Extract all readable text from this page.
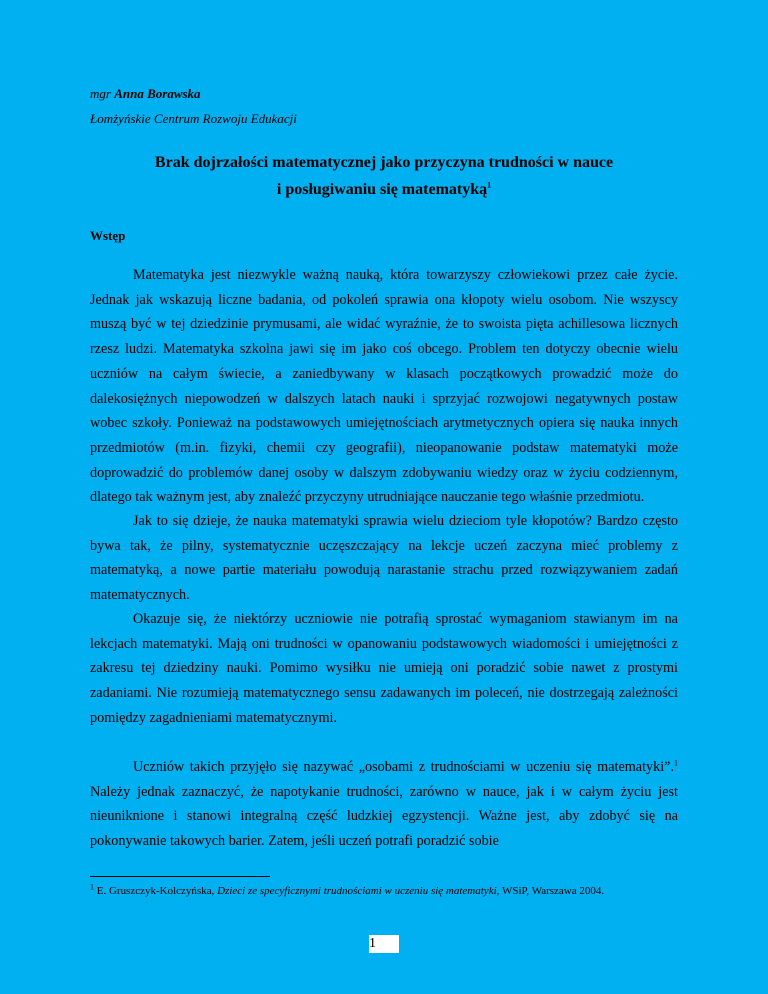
mgr Anna Borawska
Łomżyńskie Centrum Rozwoju Edukacji
Brak dojrzałości matematycznej jako przyczyna trudności w nauce
i posługiwaniu się matematyką$^1$
Wstęp

Matematyka jest niezwykle ważną nauką, która towarzyszy człowiekowi przez całe życie. Jednak jak wskazują liczne badania, od pokoleń sprawia ona kłopoty wielu osobom. Nie wszyscy muszą być w tej dziedzinie prymusami, ale widać wyraźnie, że to swoista pięta achillesowa licznych rzesz ludzi. Matematyka szkolna jawi się im jako coś obcego. Problem ten dotyczy obecnie wielu uczniów na całym świecie, a zaniedbywany w klasach początkowych prowadzić może do dalekosiężnych niepowodzeń w dalszych latach nauki i sprzyjać rozwojowi negatywnych postaw wobec szkoły. Ponieważ na podstawowych umiejętnościach arytmetycznych opiera się nauka innych przedmiotów (m.in. fizyki, chemii czy geografii), nieopanowanie podstaw matematyki może doprowadzić do problemów danej osoby w dalszym zdobywaniu wiedzy oraz w życiu codziennym, dlatego tak ważnym jest, aby znaleźć przyczyny utrudniające nauczanie tego właśnie przedmiotu.

Jak to się dzieje, że nauka matematyki sprawia wielu dzieciom tyle kłopotów? Bardzo często bywa tak, że pilny, systematycznie uczęszczający na lekcje uczeń zaczyna mieć problemy z matematyką, a nowe partie materiału powodują narastanie strachu przed rozwiązywaniem zadań matematycznych.

Okazuje się, że niektórzy uczniowie nie potrafią sprostać wymaganiom stawianym im na lekcjach matematyki. Mają oni trudności w opanowaniu podstawowych wiadomości i umiejętności z zakresu tej dziedziny nauki. Pomimo wysiłku nie umieją oni poradzić sobie nawet z prostymi zadaniami. Nie rozumieją matematycznego sensu zadawanych im poleceń, nie dostrzegają zależności pomiędzy zagadnieniami matematycznymi.

Uczniów takich przyjęło się nazywać „osobami z trudnościami w uczeniu się matematyki”.$^1$ Należy jednak zaznaczyć, że napotykanie trudności, zarówno w nauce, jak i w całym życiu jest nieuniknione i stanowi integralną część ludzkiej egzystencji. Ważne jest, aby zdobyć się na pokonywanie takowych barier. Zatem, jeśli uczeń potrafi poradzić sobie

$^1$ E. Gruszczyk-Kolczyńska, Dzieci ze specyficznymi trudnościami w uczeniu się matematyki, WSiP, Warszawa 2004.
1
